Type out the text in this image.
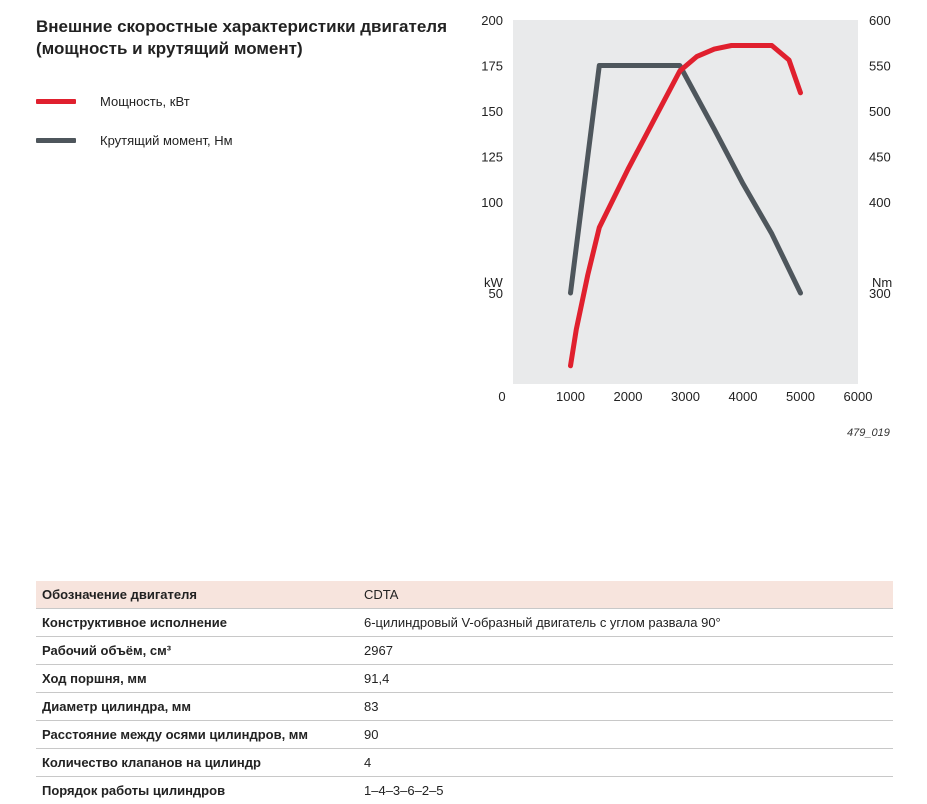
Внешние скоростные характеристики двигателя (мощность и крутящий момент)
Мощность, кВт
Крутящий момент, Нм
0	1000 2000 3000 4000 5000 6000
50
100
125
150
175
200
300
400
450
500
550
600
kW	Nm
479_019
Обозначение двигателя	CDTA
Конструктивное исполнение	6-цилиндровый V-образный двигатель с углом развала 90°
Рабочий объём, см³	2967
Ход поршня, мм	91,4
Диаметр цилиндра, мм	83
Расстояние между осями цилиндров, мм	90
Количество клапанов на цилиндр	4
Порядок работы цилиндров	1–4–3–6–2–5
